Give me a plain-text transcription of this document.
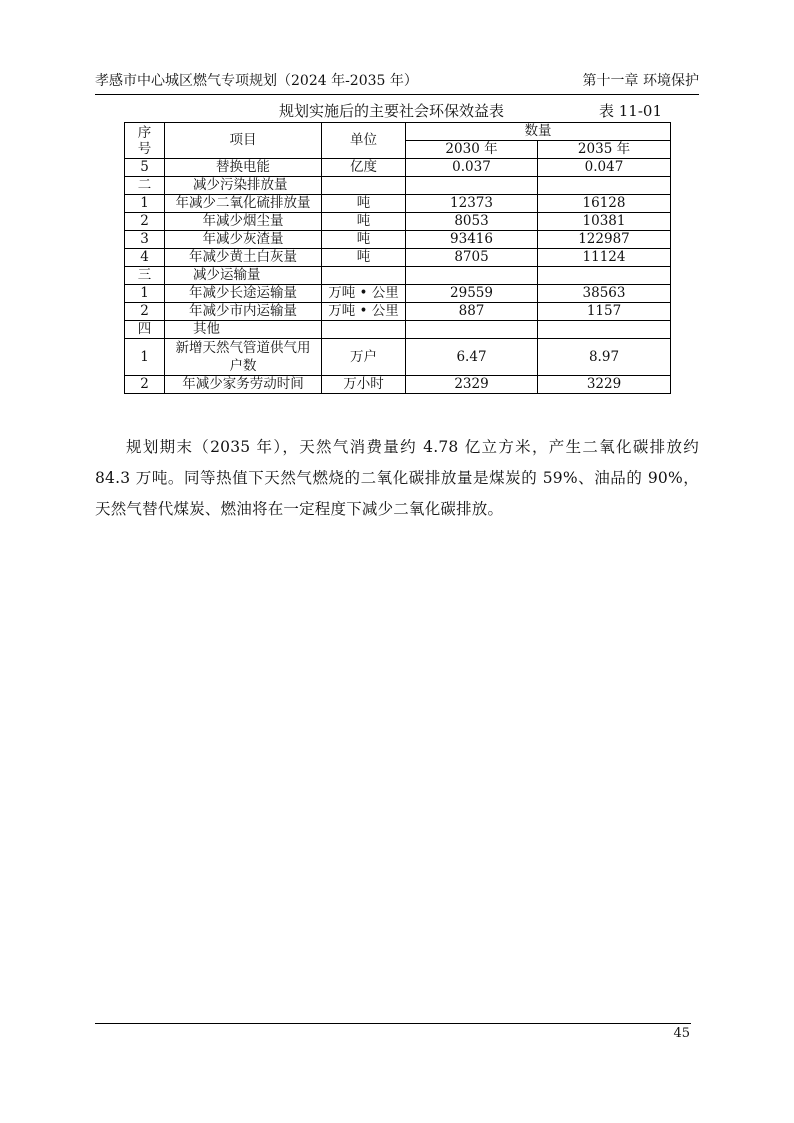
孝感市中心城区燃气专项规划（2024 年-2035 年）	第十一章 环境保护
规划实施后的主要社会环保效益表	表 11-01
序号	项目	单位	数量	
			2030 年	2035 年
5	替换电能	亿度	0.037	0.047
二	减少污染排放量			
1	年减少二氧化硫排放量	吨	12373	16128
2	年减少烟尘量	吨	8053	10381
3	年减少灰渣量	吨	93416	122987
4	年减少黄土白灰量	吨	8705	11124
三	减少运输量			
1	年减少长途运输量	万吨 • 公里	29559	38563
2	年减少市内运输量	万吨 • 公里	887	1157
四	其他			
1	新增天然气管道供气用户数	万户	6.47	8.97
2	年减少家务劳动时间	万小时	2329	3229
规划期末（2035 年），天然气消费量约 4.78 亿立方米，产生二氧化碳排放约 84.3 万吨。同等热值下天然气燃烧的二氧化碳排放量是煤炭的 59%、油品的 90%，天然气替代煤炭、燃油将在一定程度下减少二氧化碳排放。
45
